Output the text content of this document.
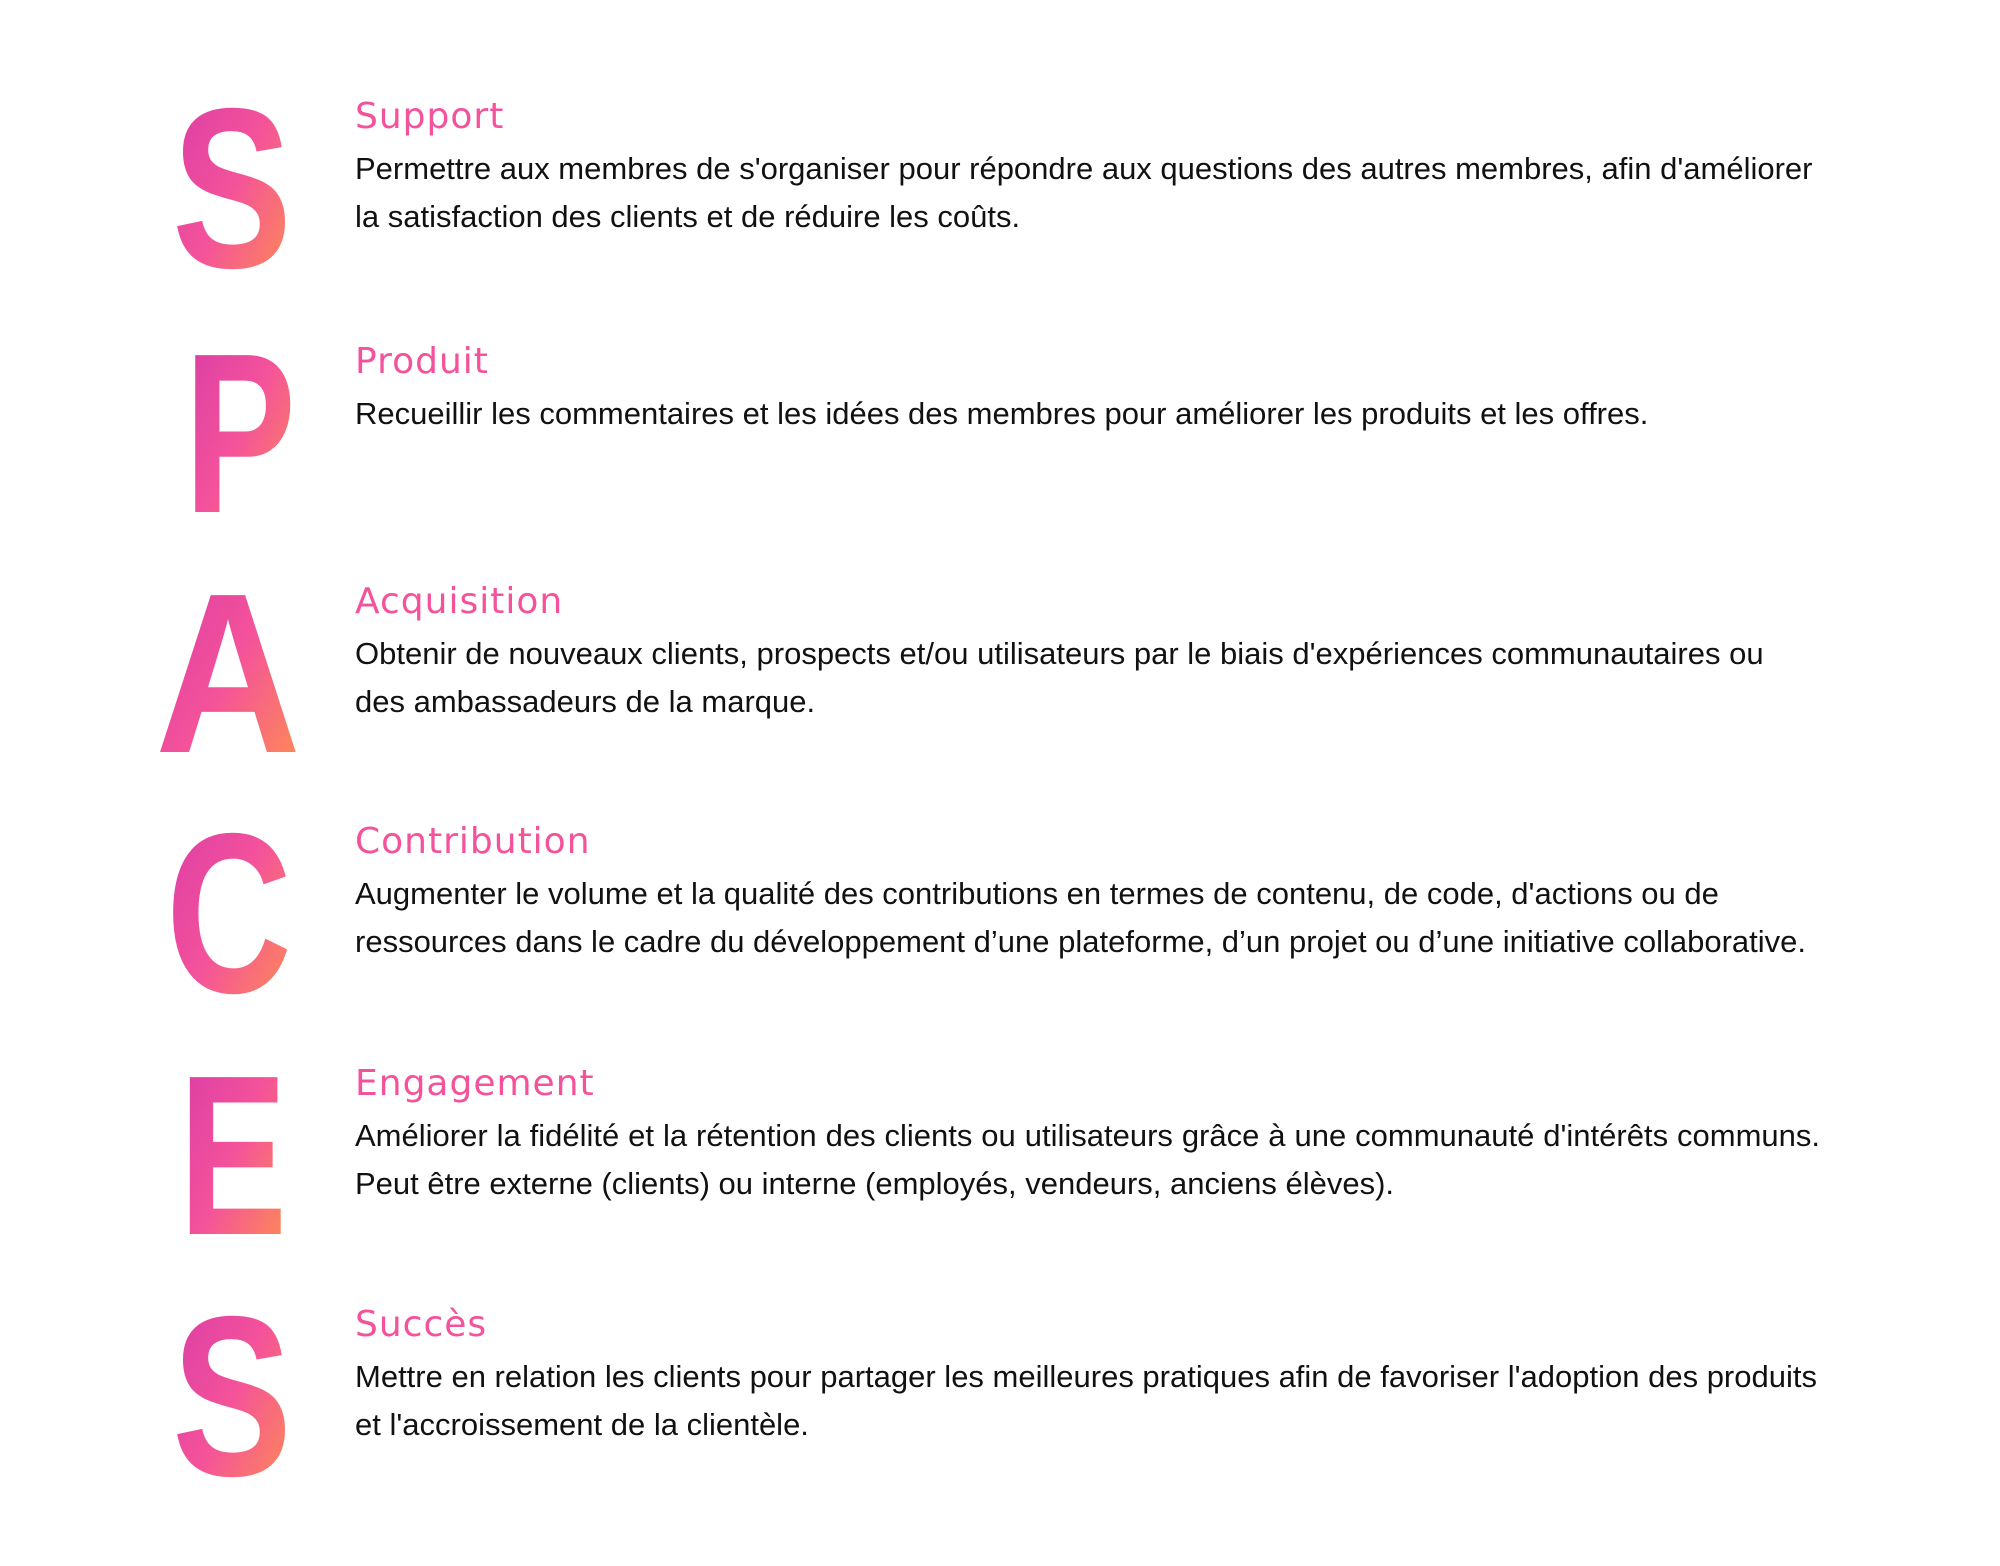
S Support
Permettre aux membres de s'organiser pour répondre aux questions des autres membres, afin d'améliorer la satisfaction des clients et de réduire les coûts.
P Produit
Recueillir les commentaires et les idées des membres pour améliorer les produits et les offres.
A Acquisition
Obtenir de nouveaux clients, prospects et/ou utilisateurs par le biais d'expériences communautaires ou des ambassadeurs de la marque.
C Contribution
Augmenter le volume et la qualité des contributions en termes de contenu, de code, d'actions ou de ressources dans le cadre du développement d’une plateforme, d’un projet ou d’une initiative collaborative.
E Engagement
Améliorer la fidélité et la rétention des clients ou utilisateurs grâce à une communauté d'intérêts communs. Peut être externe (clients) ou interne (employés, vendeurs, anciens élèves).
S Succès
Mettre en relation les clients pour partager les meilleures pratiques afin de favoriser l'adoption des produits et l'accroissement de la clientèle.
